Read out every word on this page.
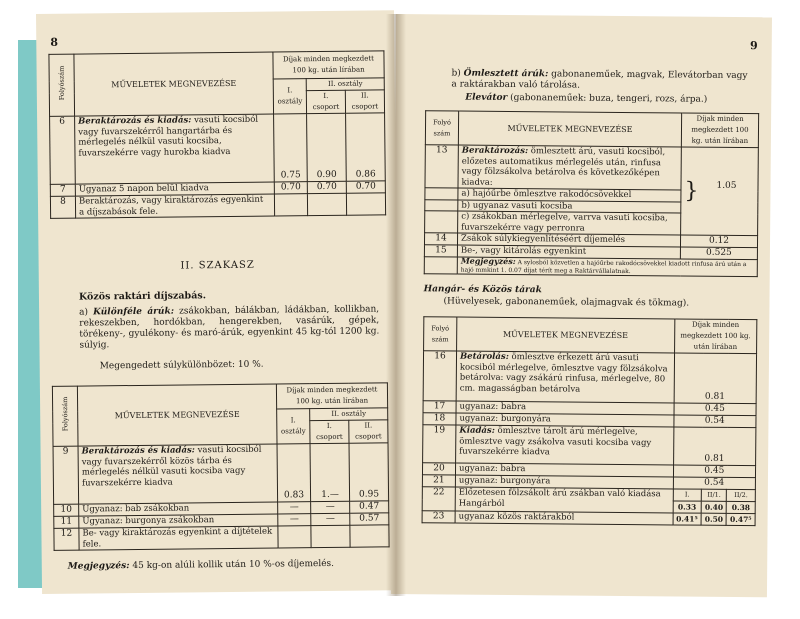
8
Folyószám	MŰVELETEK MEGNEVEZÉSE	Díjak minden megkezdett 100 kg. után lírában		
		I. osztály	II. osztály	
			I. csoport	II. csoport
6	Beraktározás és kiadás: vasuti kocsiból vagy fuvarszekérről hangartárba és mérlegelés nélkül vasuti kocsiba, fuvarszekérre vagy hurokba kiadva	0.75	0.90	0.86
7	Ugyanaz 5 napon belül kiadva	0.70	0.70	0.70
8	Beraktározás, vagy kiraktározás egyenkint a díjszabások fele.			
II. SZAKASZ
Közös raktári díjszabás.
a) Különféle árúk: zsákokban, bálákban, ládákban, kollikban, rekeszekben, hordókban, hengerekben, vasárúk, gépek, törékeny-, gyulékony- és maró-árúk, egyenkint 45 kg-tól 1200 kg. súlyig.
Megengedett súlykülönbözet: 10 %.
Folyószám	MŰVELETEK MEGNEVEZÉSE	Díjak minden megkezdett 100 kg. után lírában		
		I. osztály	II. osztály	
			I. csoport	II. csoport
9	Beraktározás és kiadás: vasuti kocsiból vagy fuvarszekérről közös tárba és mérlegelés nélkül vasuti kocsiba vagy fuvarszekérre kiadva	0.83	1.—	0.95
10	Ugyanaz: bab zsákokban	—	—	0.47
11	Ugyanaz: burgonya zsákokban	—	—	0.57
12	Be- vagy kiraktározás egyenkint a díjtételek fele.			
Megjegyzés: 45 kg-on alúli kollik után 10 %-os díjemelés.
9
b) Ömlesztett árúk: gabonaneműek, magvak, Elevátorban vagy a raktárakban való tárolása.
Elevátor (gabonaneműek: buza, tengeri, rozs, árpa.)
Folyó szám	MŰVELETEK MEGNEVEZÉSE	Díjak minden megkezdett 100 kg. után lírában
13	Beraktározás: ömlesztett árú, vasuti kocsiból, előzetes automatikus mérlegelés után, rinfusa vagy fölzsákolva betárolva és következőképen kiadva:	} 1.05
	a) hajóűrbe ömlesztve rakodócsövekkel	
	b) ugyanaz vasuti kocsiba	
	c) zsákokban mérlegelve, varrva vasuti kocsiba, fuvarszekérre vagy perronra	
14	Zsákok súlykiegyenlítéséért díjemelés	0.12
15	Be-, vagy kitárolás egyenkint	0.525
	Megjegyzés: A sylosból közvetlen a hajóűrbe rakodócsövekkel kiadott rinfusa árú után a hajó mmkint 1. 0.07 díjat térít meg a Raktárvállalatnak.	
Hangár- és Közös tárak
(Hüvelyesek, gabonaneműek, olajmagvak és tökmag).
Folyó szám	MŰVELETEK MEGNEVEZÉSE	Díjak minden megkezdett 100 kg. után lírában		
16	Betárolás: ömlesztve érkezett árú vasuti kocsiból mérlegelve, ömlesztve vagy fölzsákolva betárolva: vagy zsákárú rinfusa, mérlegelve, 80 cm. magasságban betárolva	0.81		
17	ugyanaz: babra	0.45		
18	ugyanaz: burgonyára	0.54		
19	Kiadás: ömlesztve tárolt árú mérlegelve, ömlesztve vagy zsákolva vasuti kocsiba vagy fuvarszekérre kiadva	0.81		
20	ugyanaz: babra	0.45		
21	ugyanaz: burgonyára	0.54		
22	Előzetesen fölzsákolt árú zsákban való kiadása Hangárból	I.	II/1.	II/2.
		0.33	0.40	0.38
23	ugyanaz közös raktárakból	0.41⁵	0.50	0.47⁵
